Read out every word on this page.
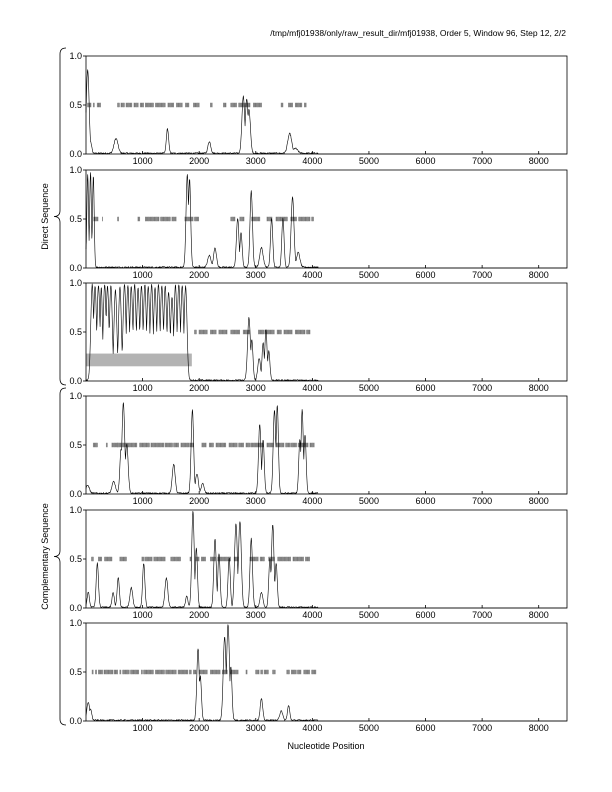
/tmp/mfj01938/only/raw_result_dir/mfj01938, Order 5, Window 96, Step 12, 2/2
Direct Sequence
Complementary Sequence
Nucleotide Position
0.0
0.5
1.0
1000	2000	3000	4000	5000	6000	7000	8000
0.0
0.5
1.0
1000	2000	3000	4000	5000	6000	7000	8000
0.0
0.5
1.0
1000	2000	3000	4000	5000	6000	7000	8000
0.0
0.5
1.0
1000	2000	3000	4000	5000	6000	7000	8000
0.0
0.5
1.0
1000	2000	3000	4000	5000	6000	7000	8000
0.0
0.5
1.0
1000	2000	3000	4000	5000	6000	7000	8000
